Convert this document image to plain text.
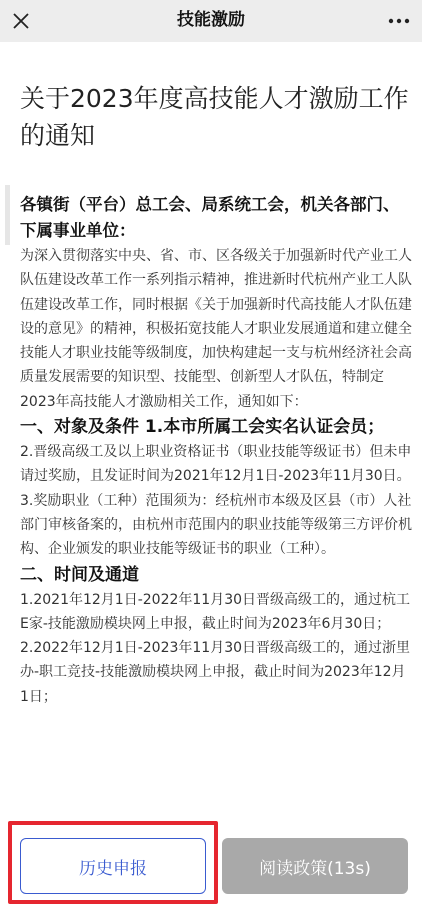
技能激励
关于2023年度高技能人才激励工作的通知

各镇街（平台）总工会、局系统工会，机关各部门、下属事业单位：

为深入贯彻落实中央、省、市、区各级关于加强新时代产业工人队伍建设改革工作一系列指示精神，推进新时代杭州产业工人队伍建设改革工作，同时根据《关于加强新时代高技能人才队伍建设的意见》的精神，积极拓宽技能人才职业发展通道和建立健全技能人才职业技能等级制度，加快构建起一支与杭州经济社会高质量发展需要的知识型、技能型、创新型人才队伍，特制定2023年高技能人才激励相关工作，通知如下：

一、对象及条件 1.本市所属工会实名认证会员；

2.晋级高级工及以上职业资格证书（职业技能等级证书）但未申请过奖励，且发证时间为2021年12月1日-2023年11月30日。

3.奖励职业（工种）范围须为：经杭州市本级及区县（市）人社部门审核备案的，由杭州市范围内的职业技能等级第三方评价机构、企业颁发的职业技能等级证书的职业（工种）。

二、时间及通道

1.2021年12月1日-2022年11月30日晋级高级工的，通过杭工E家-技能激励模块网上申报，截止时间为2023年6月30日；

2.2022年12月1日-2023年11月30日晋级高级工的，通过浙里办-职工竞技-技能激励模块网上申报，截止时间为2023年12月1日；

历史申报	阅读政策(13s)
